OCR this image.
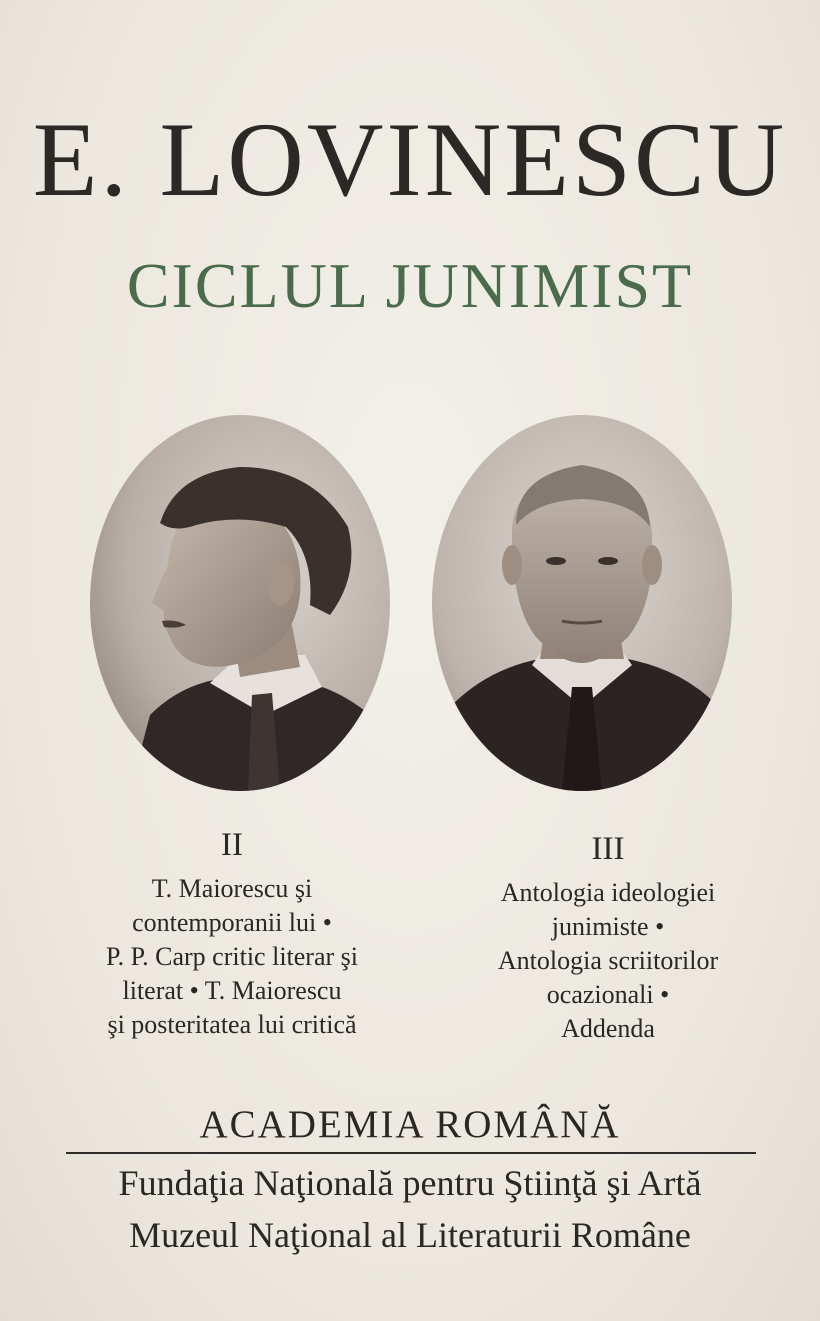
E. LOVINESCU
CICLUL JUNIMIST
II
T. Maiorescu şi
contemporanii lui •
P. P. Carp critic literar şi
literat • T. Maiorescu
şi posteritatea lui critică
III
Antologia ideologiei
junimiste •
Antologia scriitorilor
ocazionali •
Addenda
ACADEMIA ROMÂNĂ
Fundaţia Naţională pentru Ştiinţă şi Artă
Muzeul Naţional al Literaturii Române
